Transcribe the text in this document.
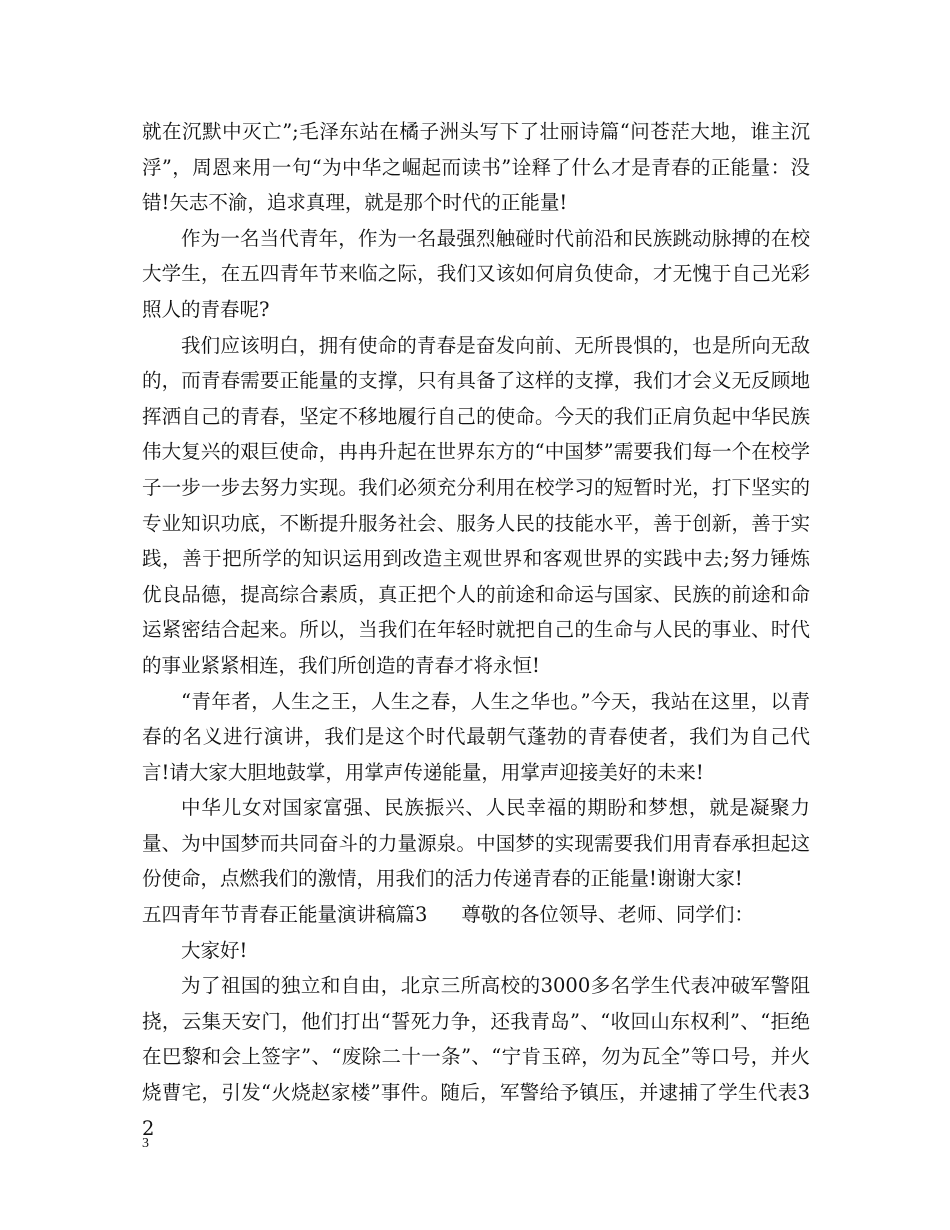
就在沉默中灭亡”;毛泽东站在橘子洲头写下了壮丽诗篇“问苍茫大地，谁主沉浮”，周恩来用一句“为中华之崛起而读书”诠释了什么才是青春的正能量：没错!矢志不渝，追求真理，就是那个时代的正能量!

作为一名当代青年，作为一名最强烈触碰时代前沿和民族跳动脉搏的在校大学生，在五四青年节来临之际，我们又该如何肩负使命，才无愧于自己光彩照人的青春呢?

我们应该明白，拥有使命的青春是奋发向前、无所畏惧的，也是所向无敌的，而青春需要正能量的支撑，只有具备了这样的支撑，我们才会义无反顾地挥洒自己的青春，坚定不移地履行自己的使命。今天的我们正肩负起中华民族伟大复兴的艰巨使命，冉冉升起在世界东方的“中国梦”需要我们每一个在校学子一步一步去努力实现。我们必须充分利用在校学习的短暂时光，打下坚实的专业知识功底，不断提升服务社会、服务人民的技能水平，善于创新，善于实践，善于把所学的知识运用到改造主观世界和客观世界的实践中去;努力锤炼优良品德，提高综合素质，真正把个人的前途和命运与国家、民族的前途和命运紧密结合起来。所以，当我们在年轻时就把自己的生命与人民的事业、时代的事业紧紧相连，我们所创造的青春才将永恒!

“青年者，人生之王，人生之春，人生之华也。”今天，我站在这里，以青春的名义进行演讲，我们是这个时代最朝气蓬勃的青春使者，我们为自己代言!请大家大胆地鼓掌，用掌声传递能量，用掌声迎接美好的未来!

中华儿女对国家富强、民族振兴、人民幸福的期盼和梦想，就是凝聚力量、为中国梦而共同奋斗的力量源泉。中国梦的实现需要我们用青春承担起这份使命，点燃我们的激情，用我们的活力传递青春的正能量!谢谢大家!

五四青年节青春正能量演讲稿篇3 尊敬的各位领导、老师、同学们：

大家好!

为了祖国的独立和自由，北京三所高校的3000多名学生代表冲破军警阻挠，云集天安门，他们打出“誓死力争，还我青岛”、“收回山东权利”、“拒绝在巴黎和会上签字”、“废除二十一条”、“宁肯玉碎，勿为瓦全”等口号，并火烧曹宅，引发“火烧赵家楼”事件。随后，军警给予镇压，并逮捕了学生代表32

3
